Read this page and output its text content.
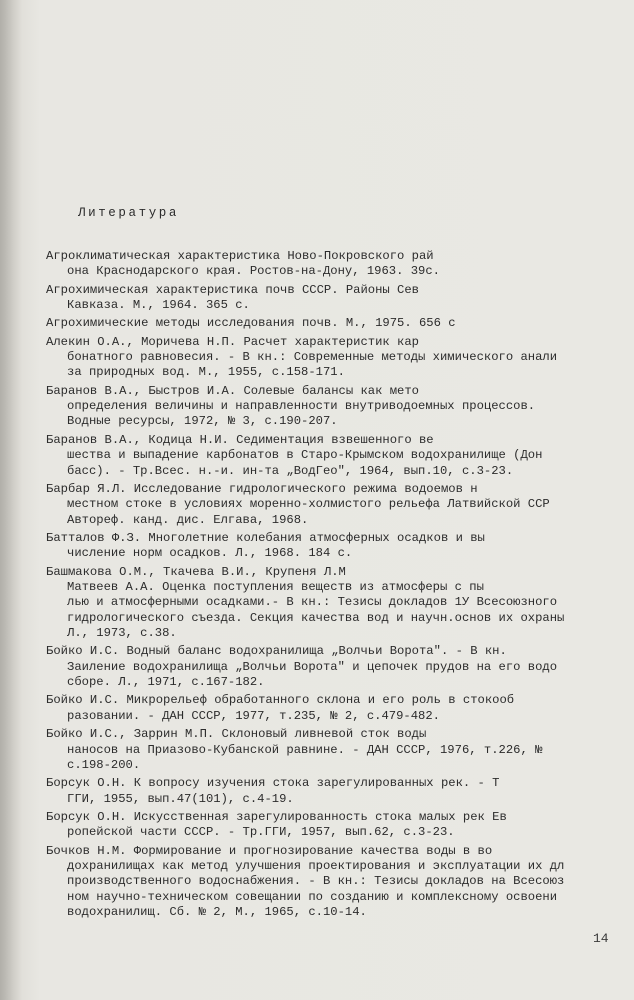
Литература
Агроклиматическая характеристика Ново-Покровского рай
она Краснодарского края. Ростов-на-Дону, 1963. 39с.
Агрохимическая характеристика почв СССР. Районы Сев
Кавказа. М., 1964. 365 с.
Агрохимические методы исследования почв. М., 1975. 656 с
Алекин О.А., Моричева Н.П. Расчет характеристик кар
бонатного равновесия. - В кн.: Современные методы химического анали
за природных вод. М., 1955, с.158-171.
Баранов В.А., Быстров И.А. Солевые балансы как мето
определения величины и направленности внутриводоемных процессов.
Водные ресурсы, 1972, № 3, с.190-207.
Баранов В.А., Кодица Н.И. Седиментация взвешенного ве
шества и выпадение карбонатов в Старо-Крымском водохранилище (Дон
басс). - Тр.Всес. н.-и. ин-та „ВодГео", 1964, вып.10, с.3-23.
Барбар Я.Л. Исследование гидрологического режима водоемов н
местном стоке в условиях моренно-холмистого рельефа Латвийской ССР
Автореф. канд. дис. Елгава, 1968.
Батталов Ф.З. Многолетние колебания атмосферных осадков и вы
числение норм осадков. Л., 1968. 184 с.
Башмакова О.М., Ткачева В.И., Крупеня Л.М
Матвеев А.А. Оценка поступления веществ из атмосферы с пы
лью и атмосферными осадками.- В кн.: Тезисы докладов 1У Всесоюзного
гидрологического съезда. Секция качества вод и научн.основ их охраны
Л., 1973, с.38.
Бойко И.С. Водный баланс водохранилища „Волчьи Ворота". - В кн.
Заиление водохранилища „Волчьи Ворота" и цепочек прудов на его водо
сборе. Л., 1971, с.167-182.
Бойко И.С. Микрорельеф обработанного склона и его роль в стокооб
разовании. - ДАН СССР, 1977, т.235, № 2, с.479-482.
Бойко И.С., Заррин М.П. Склоновый ливневой сток воды
наносов на Приазово-Кубанской равнине. - ДАН СССР, 1976, т.226, №
с.198-200.
Борсук О.Н. К вопросу изучения стока зарегулированных рек. - Т
ГГИ, 1955, вып.47(101), с.4-19.
Борсук О.Н. Искусственная зарегулированность стока малых рек Ев
ропейской части СССР. - Тр.ГГИ, 1957, вып.62, с.3-23.
Бочков Н.М. Формирование и прогнозирование качества воды в во
дохранилищах как метод улучшения проектирования и эксплуатации их дл
производственного водоснабжения. - В кн.: Тезисы докладов на Всесоюз
ном научно-техническом совещании по созданию и комплексному освоени
водохранилищ. Сб. № 2, М., 1965, с.10-14.
14
